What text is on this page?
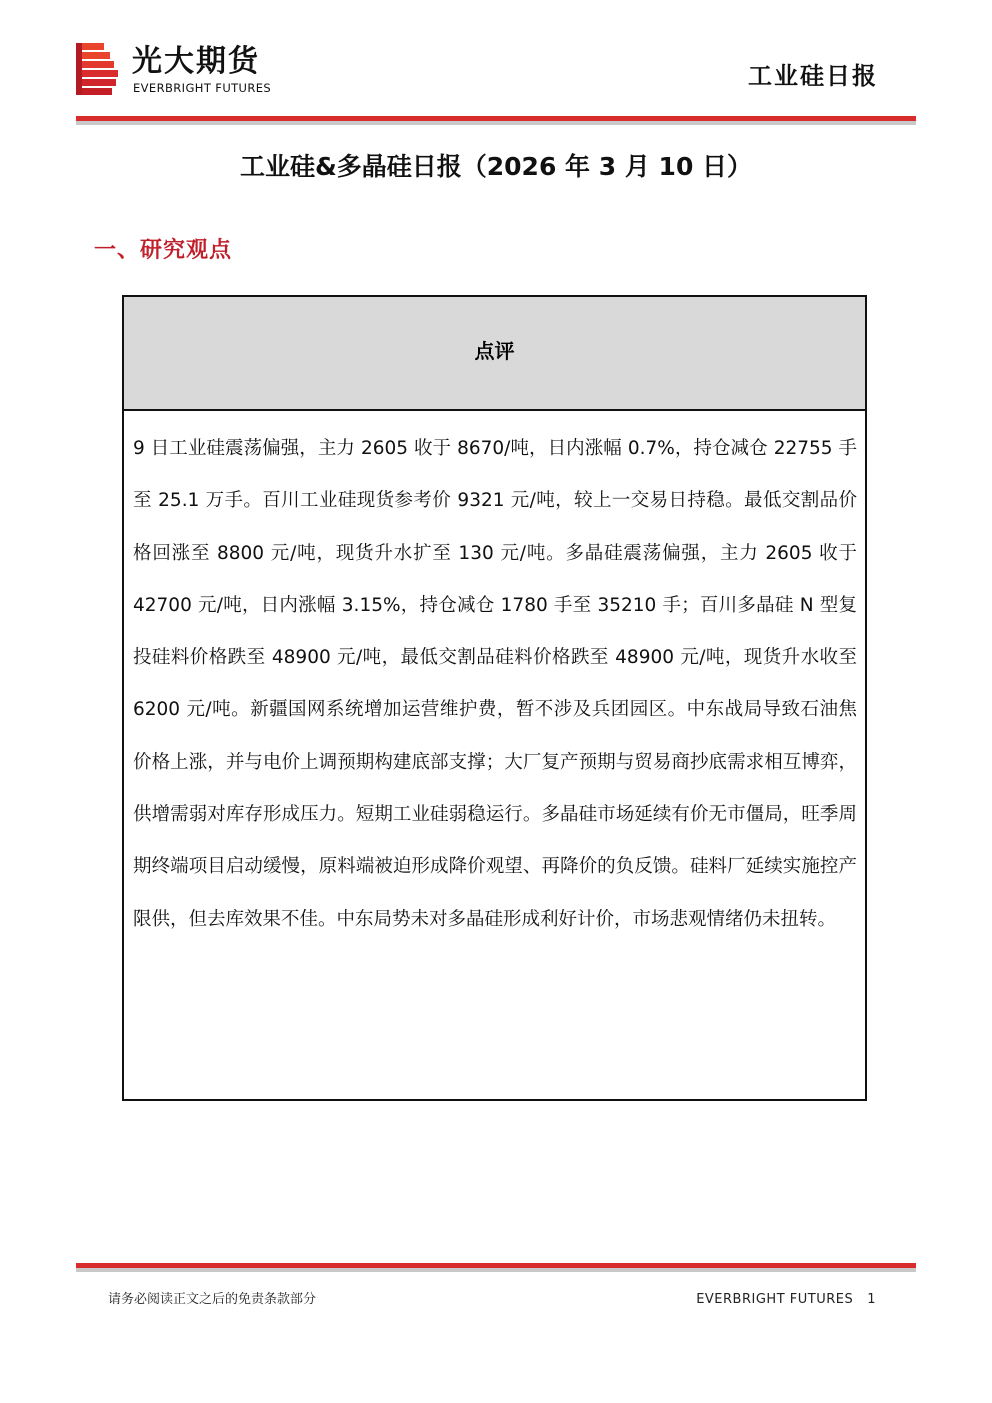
光大期货
EVERBRIGHT FUTURES	工业硅日报
工业硅&多晶硅日报（2026 年 3 月 10 日）
一、研究观点
点评
9 日工业硅震荡偏强，主力 2605 收于 8670/吨，日内涨幅 0.7%，持仓减仓 22755 手至 25.1 万手。百川工业硅现货参考价 9321 元/吨，较上一交易日持稳。最低交割品价格回涨至 8800 元/吨，现货升水扩至 130 元/吨。多晶硅震荡偏强，主力 2605 收于 42700 元/吨，日内涨幅 3.15%，持仓减仓 1780 手至 35210 手；百川多晶硅 N 型复投硅料价格跌至 48900 元/吨，最低交割品硅料价格跌至 48900 元/吨，现货升水收至 6200 元/吨。新疆国网系统增加运营维护费，暂不涉及兵团园区。中东战局导致石油焦价格上涨，并与电价上调预期构建底部支撑；大厂复产预期与贸易商抄底需求相互博弈，供增需弱对库存形成压力。短期工业硅弱稳运行。多晶硅市场延续有价无市僵局，旺季周期终端项目启动缓慢，原料端被迫形成降价观望、再降价的负反馈。硅料厂延续实施控产限供，但去库效果不佳。中东局势未对多晶硅形成利好计价，市场悲观情绪仍未扭转。
请务必阅读正文之后的免责条款部分	EVERBRIGHT FUTURES 1
